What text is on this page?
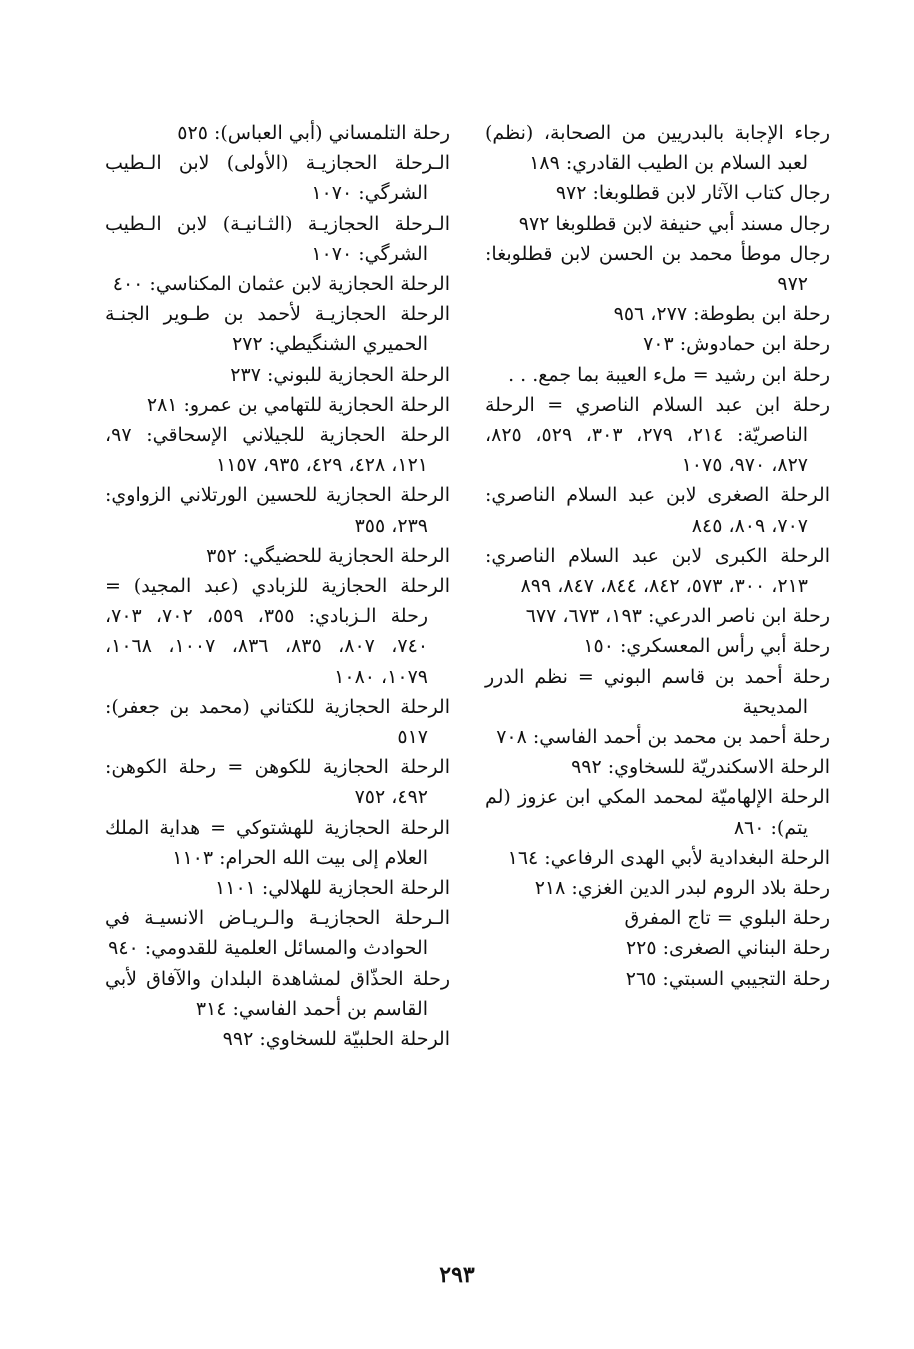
رجاء الإجابة بالبدريين من الصحابة، (نظم) لعبد السلام بن الطيب القادري: ١٨٩
رجال كتاب الآثار لابن قطلوبغا: ٩٧٢
رجال مسند أبي حنيفة لابن قطلوبغا ٩٧٢
رجال موطأ محمد بن الحسن لابن قطلوبغا: ٩٧٢
رحلة ابن بطوطة: ٢٧٧، ٩٥٦
رحلة ابن حمادوش: ٧٠٣
رحلة ابن رشيد = ملء العيبة بما جمع. . .
رحلة ابن عبد السلام الناصري = الرحلة الناصريّة: ٢١٤، ٢٧٩، ٣٠٣، ٥٢٩، ٨٢٥، ٨٢٧، ٩٧٠، ١٠٧٥
الرحلة الصغرى لابن عبد السلام الناصري: ٧٠٧، ٨٠٩، ٨٤٥
الرحلة الكبرى لابن عبد السلام الناصري: ٢١٣، ٣٠٠، ٥٧٣، ٨٤٢، ٨٤٤، ٨٤٧، ٨٩٩
رحلة ابن ناصر الدرعي: ١٩٣، ٦٧٣، ٦٧٧
رحلة أبي رأس المعسكري: ١٥٠
رحلة أحمد بن قاسم البوني = نظم الدرر المديحية
رحلة أحمد بن محمد بن أحمد الفاسي: ٧٠٨
الرحلة الاسكندريّة للسخاوي: ٩٩٢
الرحلة الإلهاميّة لمحمد المكي ابن عزوز (لم يتم): ٨٦٠
الرحلة البغدادية لأبي الهدى الرفاعي: ١٦٤
رحلة بلاد الروم لبدر الدين الغزي: ٢١٨
رحلة البلوي = تاج المفرق
رحلة البناني الصغرى: ٢٢٥
رحلة التجيبي السبتي: ٢٦٥
رحلة التلمساني (أبي العباس): ٥٢٥
الـرحلة الحجازيـة (الأولى) لابن الـطيب الشرگي: ١٠٧٠
الـرحلة الحجازيـة (الثـانيـة) لابن الـطيب الشرگي: ١٠٧٠
الرحلة الحجازية لابن عثمان المكناسي: ٤٠٠
الرحلة الحجازيـة لأحمد بن طـوير الجنـة الحميري الشنگيطي: ٢٧٢
الرحلة الحجازية للبوني: ٢٣٧
الرحلة الحجازية للتهامي بن عمرو: ٢٨١
الرحلة الحجازية للجيلاني الإسحاقي: ٩٧، ١٢١، ٤٢٨، ٤٢٩، ٩٣٥، ١١٥٧
الرحلة الحجازية للحسين الورتلاني الزواوي: ٢٣٩، ٣٥٥
الرحلة الحجازية للحضيگي: ٣٥٢
الرحلة الحجازية للزبادي (عبد المجيد) = رحلة الـزبادي: ٣٥٥، ٥٥٩، ٧٠٢، ٧٠٣، ٧٤٠، ٨٠٧، ٨٣٥، ٨٣٦، ١٠٠٧، ١٠٦٨، ١٠٧٩، ١٠٨٠
الرحلة الحجازية للكتاني (محمد بن جعفر): ٥١٧
الرحلة الحجازية للكوهن = رحلة الكوهن: ٤٩٢، ٧٥٢
الرحلة الحجازية للهشتوكي = هداية الملك العلام إلى بيت الله الحرام: ١١٠٣
الرحلة الحجازية للهلالي: ١١٠١
الـرحلة الحجازيـة والـريـاض الانسيـة في الحوادث والمسائل العلمية للقدومي: ٩٤٠
رحلة الحذّاق لمشاهدة البلدان والآفاق لأبي القاسم بن أحمد الفاسي: ٣١٤
الرحلة الحلبيّة للسخاوي: ٩٩٢
٢٩٣
